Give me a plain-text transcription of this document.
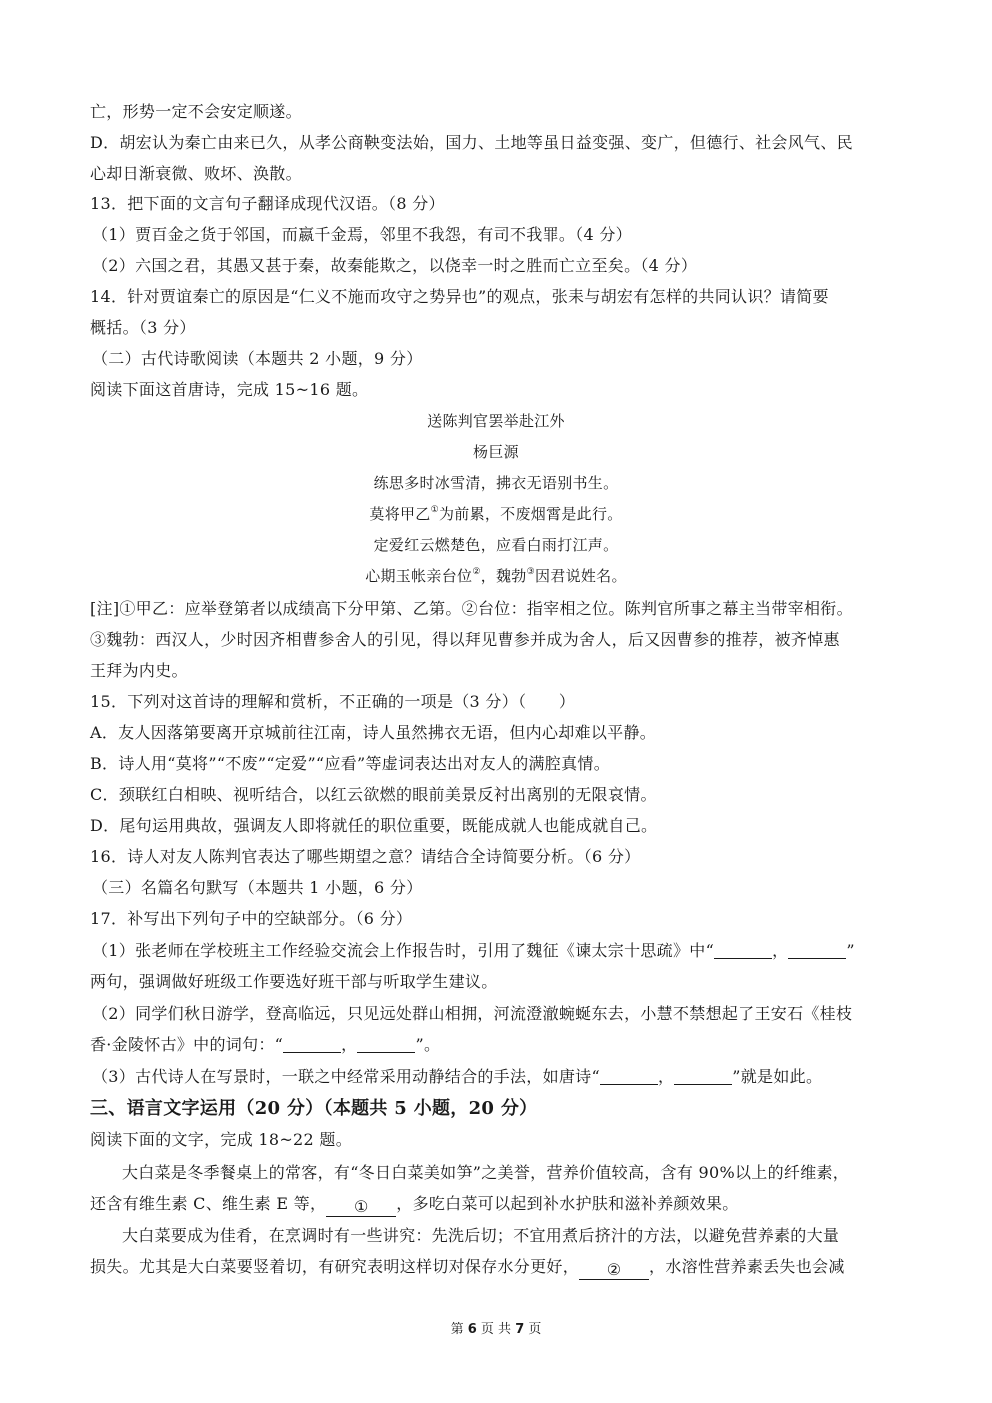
亡，形势一定不会安定顺遂。
D．胡宏认为秦亡由来已久，从孝公商鞅变法始，国力、土地等虽日益变强、变广，但德行、社会风气、民
心却日渐衰微、败坏、涣散。
13．把下面的文言句子翻译成现代汉语。（8 分）
（1）贾百金之货于邻国，而嬴千金焉，邻里不我怨，有司不我罪。（4 分）
（2）六国之君，其愚又甚于秦，故秦能欺之，以侥幸一时之胜而亡立至矣。（4 分）
14．针对贾谊秦亡的原因是“仁义不施而攻守之势异也”的观点，张耒与胡宏有怎样的共同认识？请简要
概括。（3 分）
（二）古代诗歌阅读（本题共 2 小题，9 分）
阅读下面这首唐诗，完成 15~16 题。
送陈判官罢举赴江外
杨巨源
练思多时冰雪清，拂衣无语别书生。
莫将甲乙①为前累，不废烟霄是此行。
定爱红云燃楚色，应看白雨打江声。
心期玉帐亲台位②，魏勃③因君说姓名。
[注]①甲乙：应举登第者以成绩高下分甲第、乙第。②台位：指宰相之位。陈判官所事之幕主当带宰相衔。
③魏勃：西汉人，少时因齐相曹参舍人的引见，得以拜见曹参并成为舍人，后又因曹参的推荐，被齐悼惠
王拜为内史。
15．下列对这首诗的理解和赏析，不正确的一项是（3 分）（　　）
A．友人因落第要离开京城前往江南，诗人虽然拂衣无语，但内心却难以平静。
B．诗人用“莫将”“不废”“定爱”“应看”等虚词表达出对友人的满腔真情。
C．颈联红白相映、视听结合，以红云欲燃的眼前美景反衬出离别的无限哀情。
D．尾句运用典故，强调友人即将就任的职位重要，既能成就人也能成就自己。
16．诗人对友人陈判官表达了哪些期望之意？请结合全诗简要分析。（6 分）
（三）名篇名句默写（本题共 1 小题，6 分）
17．补写出下列句子中的空缺部分。（6 分）
（1）张老师在学校班主工作经验交流会上作报告时，引用了魏征《谏太宗十思疏》中“	，	”
两句，强调做好班级工作要选好班干部与听取学生建议。
（2）同学们秋日游学，登高临远，只见远处群山相拥，河流澄澈蜿蜒东去，小慧不禁想起了王安石《桂枝
香·金陵怀古》中的词句：“	，	”。
（3）古代诗人在写景时，一联之中经常采用动静结合的手法，如唐诗“	，	”就是如此。
三、语言文字运用（20 分）（本题共 5 小题，20 分）
阅读下面的文字，完成 18~22 题。
大白菜是冬季餐桌上的常客，有“冬日白菜美如笋”之美誉，营养价值较高，含有 90%以上的纤维素，
还含有维生素 C、维生素 E 等， ① ，多吃白菜可以起到补水护肤和滋补养颜效果。
大白菜要成为佳肴，在烹调时有一些讲究：先洗后切；不宜用煮后挤汁的方法，以避免营养素的大量
损失。尤其是大白菜要竖着切，有研究表明这样切对保存水分更好， ② ，水溶性营养素丢失也会减
第 6 页 共 7 页
